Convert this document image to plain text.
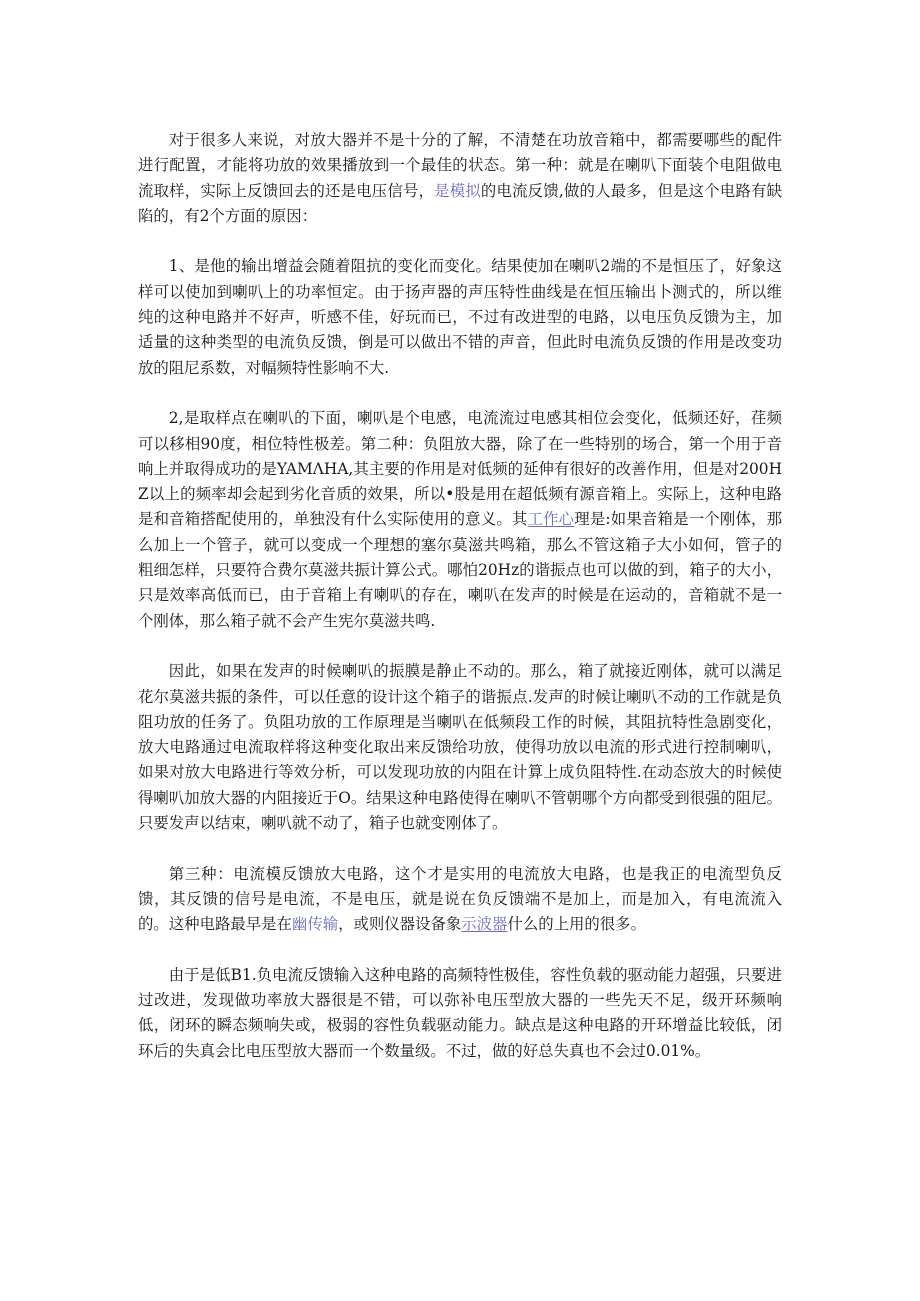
对于很多人来说，对放大器并不是十分的了解，不清楚在功放音箱中，都需要哪些的配件进行配置，才能将功放的效果播放到一个最佳的状态。第一种：就是在喇叭下面装个电阻做电流取样，实际上反馈回去的还是电压信号，是模拟的电流反馈,做的人最多，但是这个电路有缺陷的，有2个方面的原因：

1、是他的输出增益会随着阻抗的变化而变化。结果使加在喇叭2端的不是恒压了，好象这样可以使加到喇叭上的功率恒定。由于扬声器的声压特性曲线是在恒压输出卜测式的，所以维纯的这种电路并不好声，听感不佳，好玩而已，不过有改进型的电路，以电压负反馈为主，加适量的这种类型的电流负反馈，倒是可以做出不错的声音，但此时电流负反馈的作用是改变功放的阻尼系数，对幅频特性影响不大.

2,是取样点在喇叭的下面，喇叭是个电感，电流流过电感其相位会变化，低频还好，荏频可以移相90度，相位特性极差。第二种：负阻放大器，除了在一些特别的场合，第一个用于音响上并取得成功的是YAMΛHA,其主要的作用是对低频的延伸有很好的改善作用，但是对200HZ以上的频率却会起到劣化音质的效果，所以•股是用在超低频有源音箱上。实际上，这种电路是和音箱搭配使用的，单独没有什么实际使用的意义。其工作心理是:如果音箱是一个刚体，那么加上一个管子，就可以变成一个理想的塞尔莫滋共鸣箱，那么不管这箱子大小如何，管子的粗细怎样，只要符合费尔莫滋共振计算公式。哪怕20Hz的谐振点也可以做的到，箱子的大小，只是效率高低而已，由于音箱上有喇叭的存在，喇叭在发声的时候是在运动的，音箱就不是一个刚体，那么箱子就不会产生宪尔莫滋共鸣.

因此，如果在发声的时候喇叭的振膜是静止不动的。那么，箱了就接近刚体，就可以满足花尔莫滋共振的条件，可以任意的设计这个箱子的谐振点.发声的时候让喇叭不动的工作就是负阻功放的任务了。负阻功放的工作原理是当喇叭在低频段工作的时候，其阻抗特性急剧变化，放大电路通过电流取样将这种变化取出来反馈给功放，使得功放以电流的形式进行控制喇叭，如果对放大电路进行等效分析，可以发现功放的内阻在计算上成负阻特性.在动态放大的时候使得喇叭加放大器的内阻接近于O。结果这种电路使得在喇叭不管朝哪个方向都受到很强的阻尼。只要发声以结束，喇叭就不动了，箱子也就变刚体了。

第三种：电流模反馈放大电路，这个才是实用的电流放大电路，也是我正的电流型负反馈，其反馈的信号是电流，不是电压，就是说在负反馈端不是加上，而是加入，有电流流入的。这种电路最早是在幽传输，或则仪器设备象示波器什么的上用的很多。

由于是低B1.负电流反馈输入这种电路的高频特性极佳，容性负载的驱动能力超强，只要进过改进，发现做功率放大器很是不错，可以弥补电压型放大器的一些先天不足，级开环频响低，闭环的瞬态频响失或，极弱的容性负载驱动能力。缺点是这种电路的开环增益比较低，闭环后的失真会比电压型放大器而一个数量级。不过，做的好总失真也不会过0.01%。
